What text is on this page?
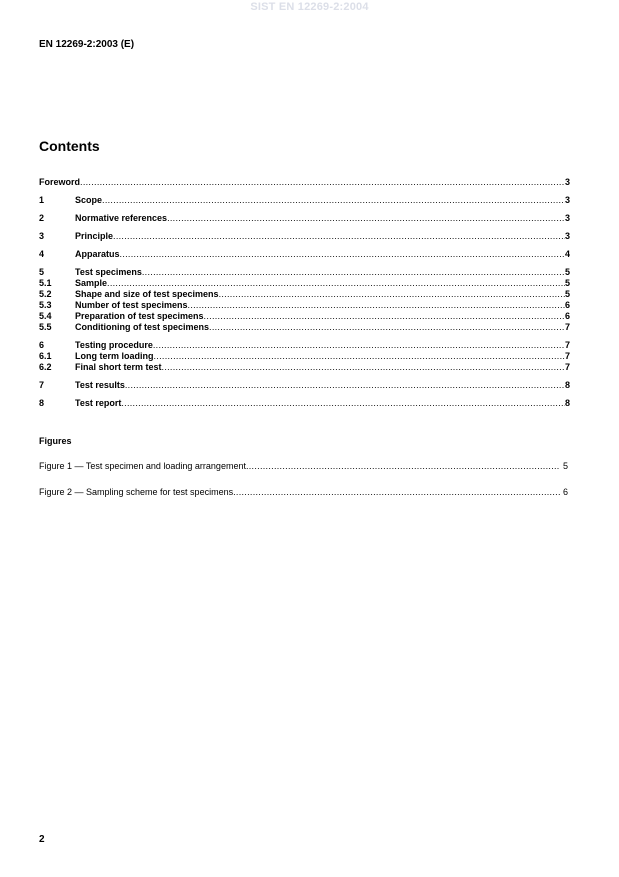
SIST EN 12269-2:2004
EN 12269-2:2003 (E)
Contents
Foreword .....	3
1	Scope .....	3
2	Normative references .....	3
3	Principle .....	3
4	Apparatus .....	4
5	Test specimens .....	5
5.1	Sample .....	5
5.2	Shape and size of test specimens .....	5
5.3	Number of test specimens .....	6
5.4	Preparation of test specimens .....	6
5.5	Conditioning of test specimens .....	7
6	Testing procedure .....	7
6.1	Long term loading .....	7
6.2	Final short term test .....	7
7	Test results .....	8
8	Test report .....	8
Figures
Figure 1 — Test specimen and loading arrangement .....	5
Figure 2 — Sampling scheme for test specimens .....	6
2
